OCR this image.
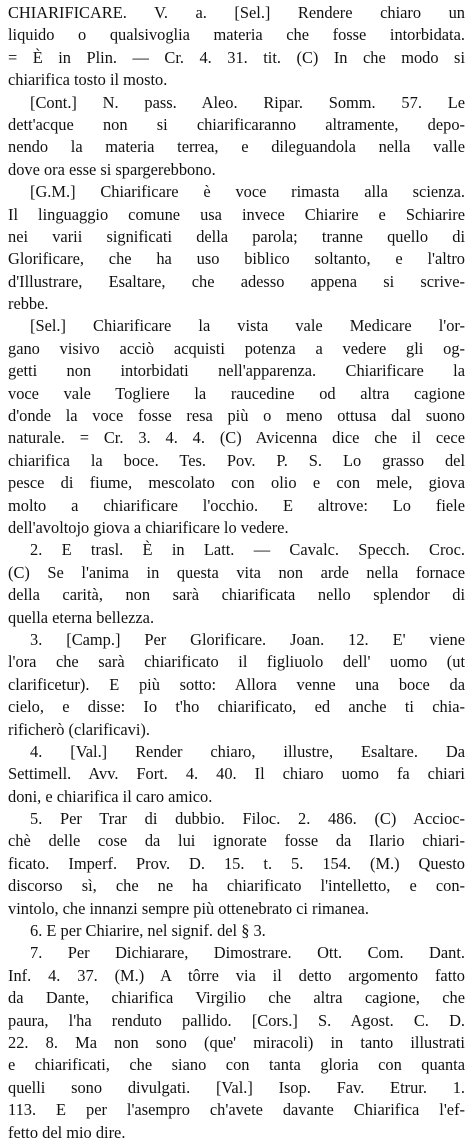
CHIARIFICARE. V. a. [Sel.] Rendere chiaro un
liquido o qualsivoglia materia che fosse intorbidata.
= È in Plin. — Cr. 4. 31. tit. (C) In che modo si
chiarifica tosto il mosto.
[Cont.] N. pass. Aleo. Ripar. Somm. 57. Le
dett'acque non si chiarificaranno altramente, depo-
nendo la materia terrea, e dileguandola nella valle
dove ora esse si spargerebbono.
[G.M.] Chiarificare è voce rimasta alla scienza.
Il linguaggio comune usa invece Chiarire e Schiarire
nei varii significati della parola; tranne quello di
Glorificare, che ha uso biblico soltanto, e l'altro
d'Illustrare, Esaltare, che adesso appena si scrive-
rebbe.
[Sel.] Chiarificare la vista vale Medicare l'or-
gano visivo acciò acquisti potenza a vedere gli og-
getti non intorbidati nell'apparenza. Chiarificare la
voce vale Togliere la raucedine od altra cagione
d'onde la voce fosse resa più o meno ottusa dal suono
naturale. = Cr. 3. 4. 4. (C) Avicenna dice che il cece
chiarifica la boce. Tes. Pov. P. S. Lo grasso del
pesce di fiume, mescolato con olio e con mele, giova
molto a chiarificare l'occhio. E altrove: Lo fiele
dell'avoltojo giova a chiarificare lo vedere.
2. E trasl. È in Latt. — Cavalc. Specch. Croc.
(C) Se l'anima in questa vita non arde nella fornace
della carità, non sarà chiarificata nello splendor di
quella eterna bellezza.
3. [Camp.] Per Glorificare. Joan. 12. E' viene
l'ora che sarà chiarificato il figliuolo dell' uomo (ut
clarificetur). E più sotto: Allora venne una boce da
cielo, e disse: Io t'ho chiarificato, ed anche ti chia-
rificherò (clarificavi).
4. [Val.] Render chiaro, illustre, Esaltare. Da
Settimell. Avv. Fort. 4. 40. Il chiaro uomo fa chiari
doni, e chiarifica il caro amico.
5. Per Trar di dubbio. Filoc. 2. 486. (C) Accioc-
chè delle cose da lui ignorate fosse da Ilario chiari-
ficato. Imperf. Prov. D. 15. t. 5. 154. (M.) Questo
discorso sì, che ne ha chiarificato l'intelletto, e con-
vintolo, che innanzi sempre più ottenebrato ci rimanea.
6. E per Chiarire, nel signif. del § 3.
7. Per Dichiarare, Dimostrare. Ott. Com. Dant.
Inf. 4. 37. (M.) A tôrre via il detto argomento fatto
da Dante, chiarifica Virgilio che altra cagione, che
paura, l'ha renduto pallido. [Cors.] S. Agost. C. D.
22. 8. Ma non sono (que' miracoli) in tanto illustrati
e chiarificati, che siano con tanta gloria con quanta
quelli sono divulgati. [Val.] Isop. Fav. Etrur. 1.
113. E per l'asempro ch'avete davante Chiarifica l'ef-
fetto del mio dire.
